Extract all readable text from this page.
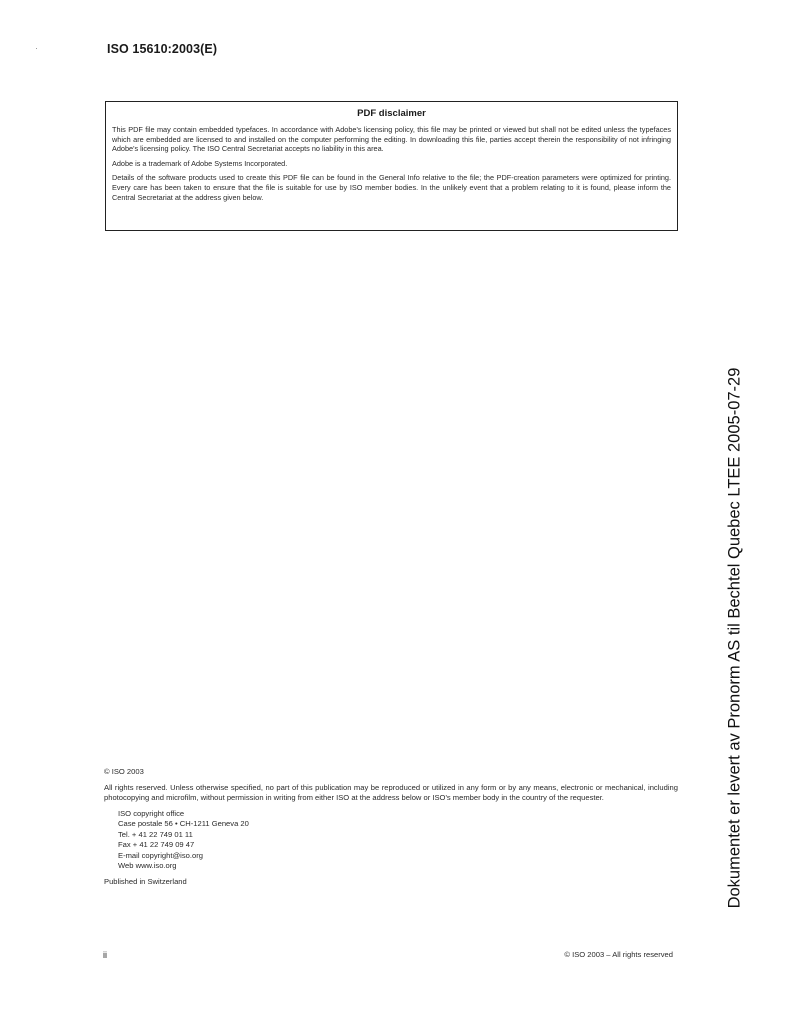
ISO 15610:2003(E)
PDF disclaimer

This PDF file may contain embedded typefaces. In accordance with Adobe's licensing policy, this file may be printed or viewed but shall not be edited unless the typefaces which are embedded are licensed to and installed on the computer performing the editing. In downloading this file, parties accept therein the responsibility of not infringing Adobe's licensing policy. The ISO Central Secretariat accepts no liability in this area.

Adobe is a trademark of Adobe Systems Incorporated.

Details of the software products used to create this PDF file can be found in the General Info relative to the file; the PDF-creation parameters were optimized for printing. Every care has been taken to ensure that the file is suitable for use by ISO member bodies. In the unlikely event that a problem relating to it is found, please inform the Central Secretariat at the address given below.

© ISO 2003
All rights reserved. Unless otherwise specified, no part of this publication may be reproduced or utilized in any form or by any means, electronic or mechanical, including photocopying and microfilm, without permission in writing from either ISO at the address below or ISO's member body in the country of the requester.
ISO copyright office
Case postale 56 • CH-1211 Geneva 20
Tel. + 41 22 749 01 11
Fax + 41 22 749 09 47
E-mail copyright@iso.org
Web www.iso.org
Published in Switzerland
ii	© ISO 2003 – All rights reserved
Dokumentet er levert av Pronorm AS til Bechtel Quebec LTEE 2005-07-29
